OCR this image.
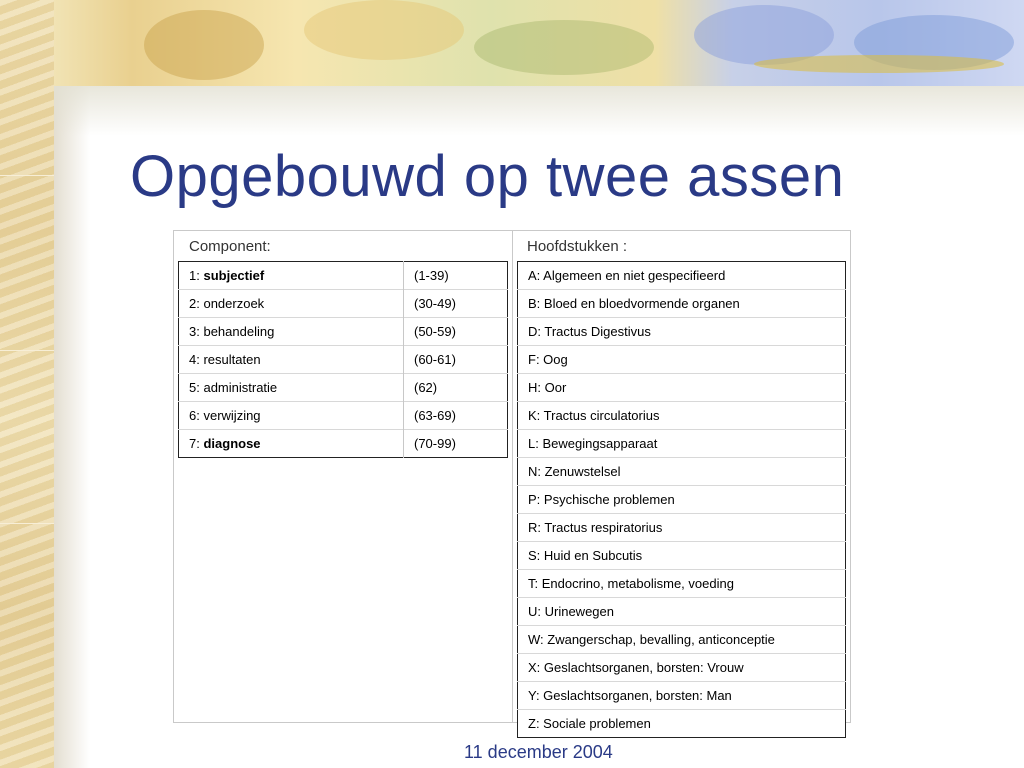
Opgebouwd op twee assen
Component:	Hoofdstukken :
1: subjectief	(1-39)
2: onderzoek	(30-49)
3: behandeling	(50-59)
4: resultaten	(60-61)
5: administratie	(62)
6: verwijzing	(63-69)
7: diagnose	(70-99)
A: Algemeen en niet gespecifieerd
B: Bloed en bloedvormende organen
D: Tractus Digestivus
F: Oog
H: Oor
K: Tractus circulatorius
L: Bewegingsapparaat
N: Zenuwstelsel
P: Psychische problemen
R: Tractus respiratorius
S: Huid en Subcutis
T: Endocrino, metabolisme, voeding
U: Urinewegen
W: Zwangerschap, bevalling, anticonceptie
X: Geslachtsorganen, borsten: Vrouw
Y: Geslachtsorganen, borsten: Man
Z: Sociale problemen
11 december 2004
